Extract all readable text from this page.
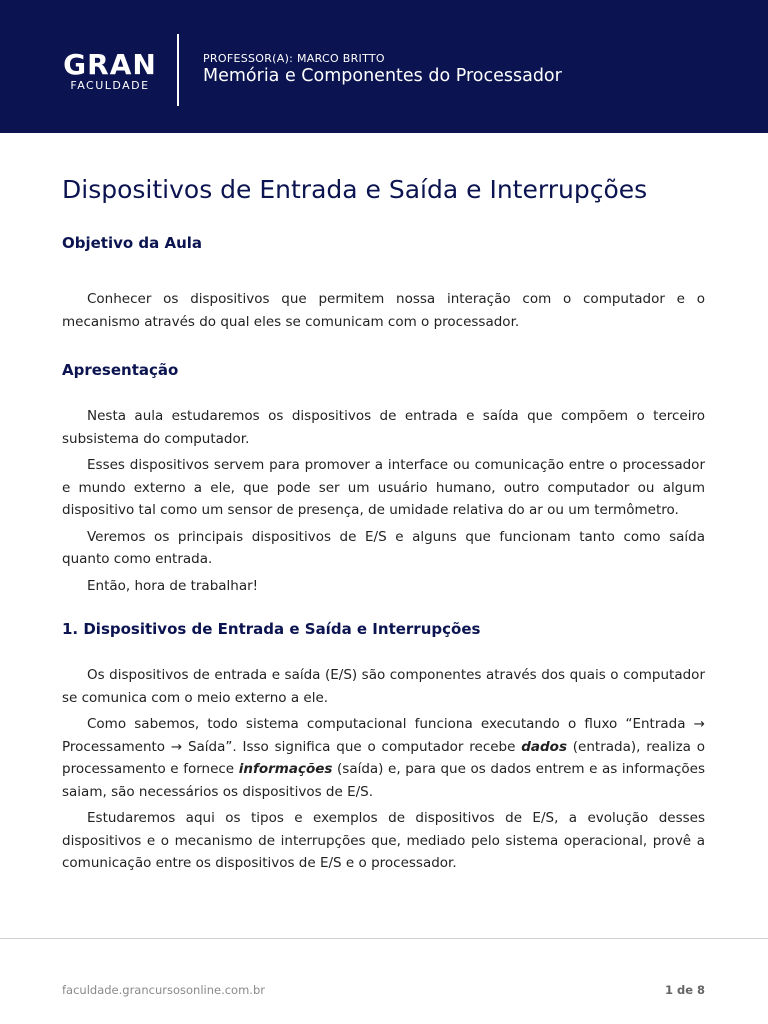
GRAN
FACULDADE
PROFESSOR(A): MARCO BRITTO
Memória e Componentes do Processador
Dispositivos de Entrada e Saída e Interrupções
Objetivo da Aula

Conhecer os dispositivos que permitem nossa interação com o computador e o mecanismo através do qual eles se comunicam com o processador.

Apresentação

Nesta aula estudaremos os dispositivos de entrada e saída que compõem o terceiro subsistema do computador.

Esses dispositivos servem para promover a interface ou comunicação entre o processador e mundo externo a ele, que pode ser um usuário humano, outro computador ou algum dispositivo tal como um sensor de presença, de umidade relativa do ar ou um termômetro.

Veremos os principais dispositivos de E/S e alguns que funcionam tanto como saída quanto como entrada.

Então, hora de trabalhar!

1. Dispositivos de Entrada e Saída e Interrupções

Os dispositivos de entrada e saída (E/S) são componentes através dos quais o computador se comunica com o meio externo a ele.

Como sabemos, todo sistema computacional funciona executando o fluxo “Entrada → Processamento → Saída”. Isso significa que o computador recebe dados (entrada), realiza o processamento e fornece informações (saída) e, para que os dados entrem e as informações saiam, são necessários os dispositivos de E/S.

Estudaremos aqui os tipos e exemplos de dispositivos de E/S, a evolução desses dispositivos e o mecanismo de interrupções que, mediado pelo sistema operacional, provê a comunicação entre os dispositivos de E/S e o processador.

faculdade.grancursosonline.com.br	1 de 8
